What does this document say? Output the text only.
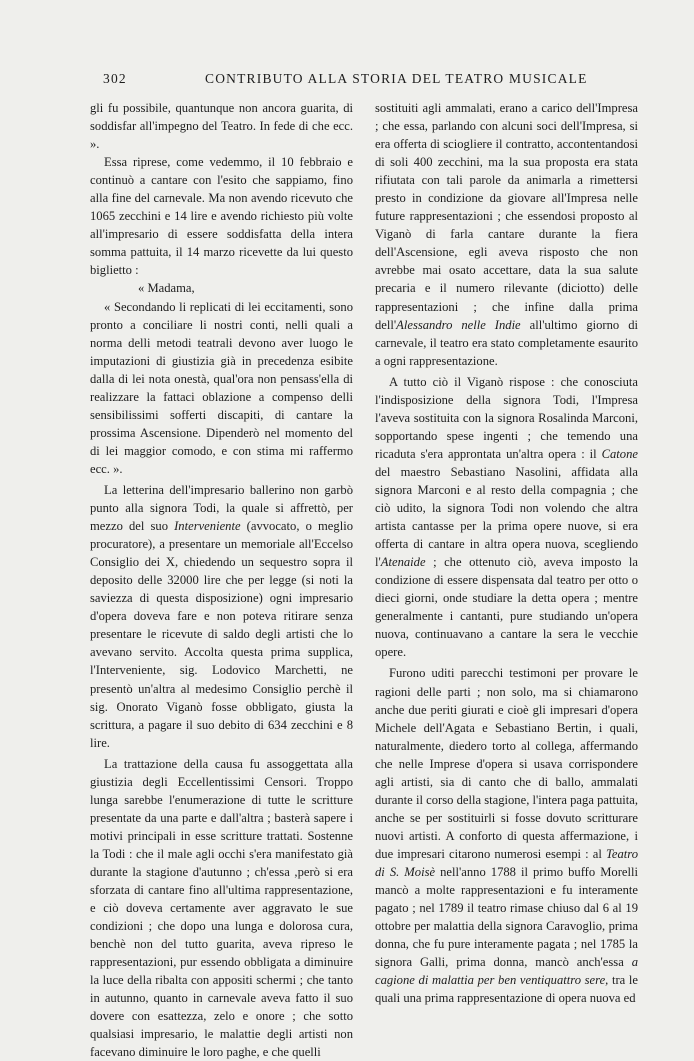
302	CONTRIBUTO ALLA STORIA DEL TEATRO MUSICALE

gli fu possibile, quantunque non ancora guarita, di soddisfar all'impegno del Teatro. In fede di che ecc. ».

Essa riprese, come vedemmo, il 10 febbraio e continuò a cantare con l'esito che sappiamo, fino alla fine del carnevale. Ma non avendo ricevuto che 1065 zecchini e 14 lire e avendo richiesto più volte all'impresario di essere soddisfatta della intera somma pattuita, il 14 marzo ricevette da lui questo biglietto :

« Madama,

« Secondando li replicati di lei eccitamenti, sono pronto a conciliare li nostri conti, nelli quali a norma delli metodi teatrali devono aver luogo le imputazioni di giustizia già in precedenza esibite dalla di lei nota onestà, qual'ora non pensass'ella di realizzare la fattaci oblazione a compenso delli sensibilissimi sofferti discapiti, di cantare la prossima Ascensione. Dipenderò nel momento del di lei maggior comodo, e con stima mi raffermo ecc. ».

La letterina dell'impresario ballerino non garbò punto alla signora Todi, la quale si affrettò, per mezzo del suo Interveniente (avvocato, o meglio procuratore), a presentare un memoriale all'Eccelso Consiglio dei X, chiedendo un sequestro sopra il deposito delle 32000 lire che per legge (si noti la saviezza di questa disposizione) ogni impresario d'opera doveva fare e non poteva ritirare senza presentare le ricevute di saldo degli artisti che lo avevano servito. Accolta questa prima supplica, l'Interveniente, sig. Lodovico Marchetti, ne presentò un'altra al medesimo Consiglio perchè il sig. Onorato Viganò fosse obbligato, giusta la scrittura, a pagare il suo debito di 634 zecchini e 8 lire.

La trattazione della causa fu assoggettata alla giustizia degli Eccellentissimi Censori. Troppo lunga sarebbe l'enumerazione di tutte le scritture presentate da una parte e dall'altra ; basterà sapere i motivi principali in esse scritture trattati. Sostenne la Todi : che il male agli occhi s'era manifestato già durante la stagione d'autunno ; ch'essa ,però si era sforzata di cantare fino all'ultima rappresentazione, e ciò doveva certamente aver aggravato le sue condizioni ; che dopo una lunga e dolorosa cura, benchè non del tutto guarita, aveva ripreso le rappresentazioni, pur essendo obbligata a diminuire la luce della ribalta con appositi schermi ; che tanto in autunno, quanto in carnevale aveva fatto il suo dovere con esattezza, zelo e onore ; che sotto qualsiasi impresario, le malattie degli artisti non facevano diminuire le loro paghe, e che quelli

sostituiti agli ammalati, erano a carico dell'Impresa ; che essa, parlando con alcuni soci dell'Impresa, si era offerta di sciogliere il contratto, accontentandosi di soli 400 zecchini, ma la sua proposta era stata rifiutata con tali parole da animarla a rimettersi presto in condizione da giovare all'Impresa nelle future rappresentazioni ; che essendosi proposto al Viganò di farla cantare durante la fiera dell'Ascensione, egli aveva risposto che non avrebbe mai osato accettare, data la sua salute precaria e il numero rilevante (diciotto) delle rappresentazioni ; che infine dalla prima dell'Alessandro nelle Indie all'ultimo giorno di carnevale, il teatro era stato completamente esaurito a ogni rappresentazione.

A tutto ciò il Viganò rispose : che conosciuta l'indisposizione della signora Todi, l'Impresa l'aveva sostituita con la signora Rosalinda Marconi, sopportando spese ingenti ; che temendo una ricaduta s'era approntata un'altra opera : il Catone del maestro Sebastiano Nasolini, affidata alla signora Marconi e al resto della compagnia ; che ciò udito, la signora Todi non volendo che altra artista cantasse per la prima opere nuove, si era offerta di cantare in altra opera nuova, scegliendo l'Atenaide ; che ottenuto ciò, aveva imposto la condizione di essere dispensata dal teatro per otto o dieci giorni, onde studiare la detta opera ; mentre generalmente i cantanti, pure studiando un'opera nuova, continuavano a cantare la sera le vecchie opere.

Furono uditi parecchi testimoni per provare le ragioni delle parti ; non solo, ma si chiamarono anche due periti giurati e cioè gli impresari d'opera Michele dell'Agata e Sebastiano Bertin, i quali, naturalmente, diedero torto al collega, affermando che nelle Imprese d'opera si usava corrispondere agli artisti, sia di canto che di ballo, ammalati durante il corso della stagione, l'intera paga pattuita, anche se per sostituirli si fosse dovuto scritturare nuovi artisti. A conforto di questa affermazione, i due impresari citarono numerosi esempi : al Teatro di S. Moisè nell'anno 1788 il primo buffo Morelli mancò a molte rappresentazioni e fu interamente pagato ; nel 1789 il teatro rimase chiuso dal 6 al 19 ottobre per malattia della signora Caravoglio, prima donna, che fu pure interamente pagata ; nel 1785 la signora Galli, prima donna, mancò anch'essa a cagione di malattia per ben ventiquattro sere, tra le quali una prima rappresentazione di opera nuova ed
